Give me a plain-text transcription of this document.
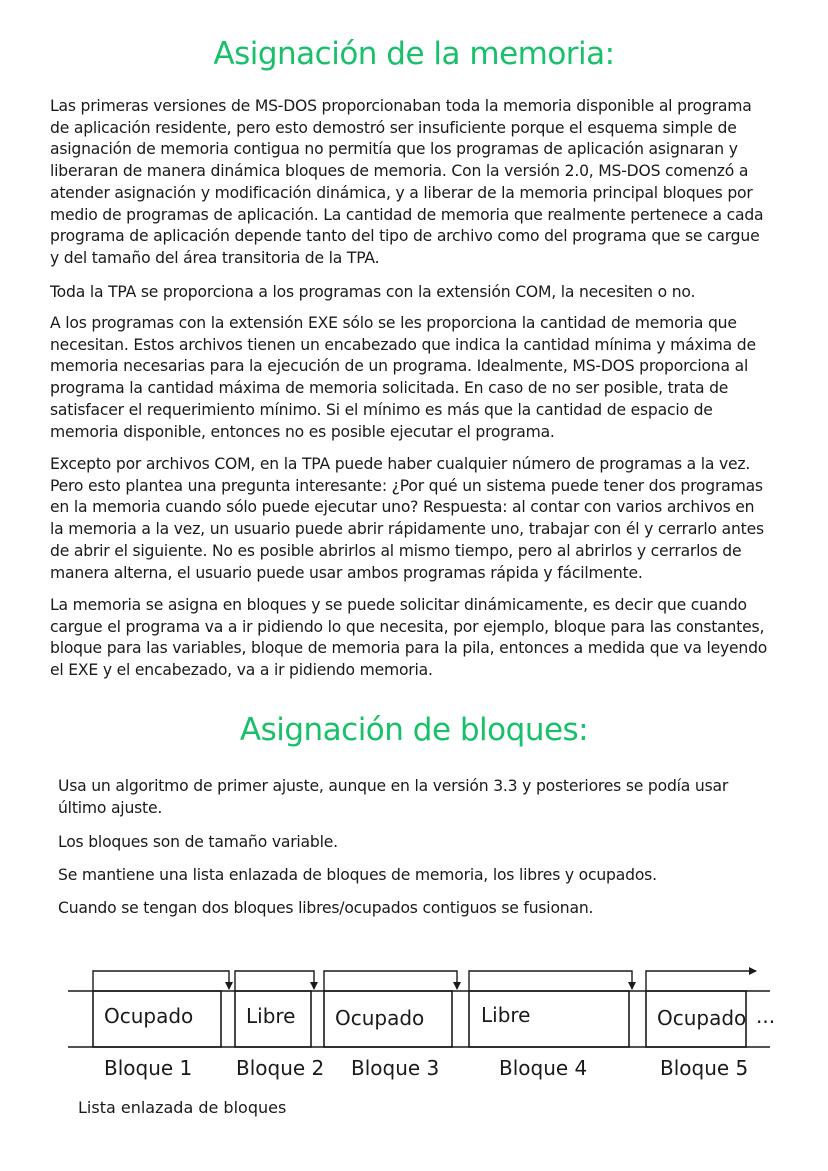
Asignación de la memoria:

Las primeras versiones de MS-DOS proporcionaban toda la memoria disponible al programa de aplicación residente, pero esto demostró ser insuficiente porque el esquema simple de asignación de memoria contigua no permitía que los programas de aplicación asignaran y liberaran de manera dinámica bloques de memoria. Con la versión 2.0, MS-DOS comenzó a atender asignación y modificación dinámica, y a liberar de la memoria principal bloques por medio de programas de aplicación. La cantidad de memoria que realmente pertenece a cada programa de aplicación depende tanto del tipo de archivo como del programa que se cargue y del tamaño del área transitoria de la TPA.

Toda la TPA se proporciona a los programas con la extensión COM, la necesiten o no.

A los programas con la extensión EXE sólo se les proporciona la cantidad de memoria que necesitan. Estos archivos tienen un encabezado que indica la cantidad mínima y máxima de memoria necesarias para la ejecución de un programa. Idealmente, MS-DOS proporciona al programa la cantidad máxima de memoria solicitada. En caso de no ser posible, trata de satisfacer el requerimiento mínimo. Si el mínimo es más que la cantidad de espacio de memoria disponible, entonces no es posible ejecutar el programa.

Excepto por archivos COM, en la TPA puede haber cualquier número de programas a la vez. Pero esto plantea una pregunta interesante: ¿Por qué un sistema puede tener dos programas en la memoria cuando sólo puede ejecutar uno? Respuesta: al contar con varios archivos en la memoria a la vez, un usuario puede abrir rápidamente uno, trabajar con él y cerrarlo antes de abrir el siguiente. No es posible abrirlos al mismo tiempo, pero al abrirlos y cerrarlos de manera alterna, el usuario puede usar ambos programas rápida y fácilmente.

La memoria se asigna en bloques y se puede solicitar dinámicamente, es decir que cuando cargue el programa va a ir pidiendo lo que necesita, por ejemplo, bloque para las constantes, bloque para las variables, bloque de memoria para la pila, entonces a medida que va leyendo el EXE y el encabezado, va a ir pidiendo memoria.

Asignación de bloques:

Usa un algoritmo de primer ajuste, aunque en la versión 3.3 y posteriores se podía usar último ajuste.

Los bloques son de tamaño variable.

Se mantiene una lista enlazada de bloques de memoria, los libres y ocupados.

Cuando se tengan dos bloques libres/ocupados contiguos se fusionan.

Ocupado	Libre Ocupado	Libre	Ocupado ...
Bloque 1 Bloque 2 Bloque 3	Bloque 4	Bloque 5

Lista enlazada de bloques
